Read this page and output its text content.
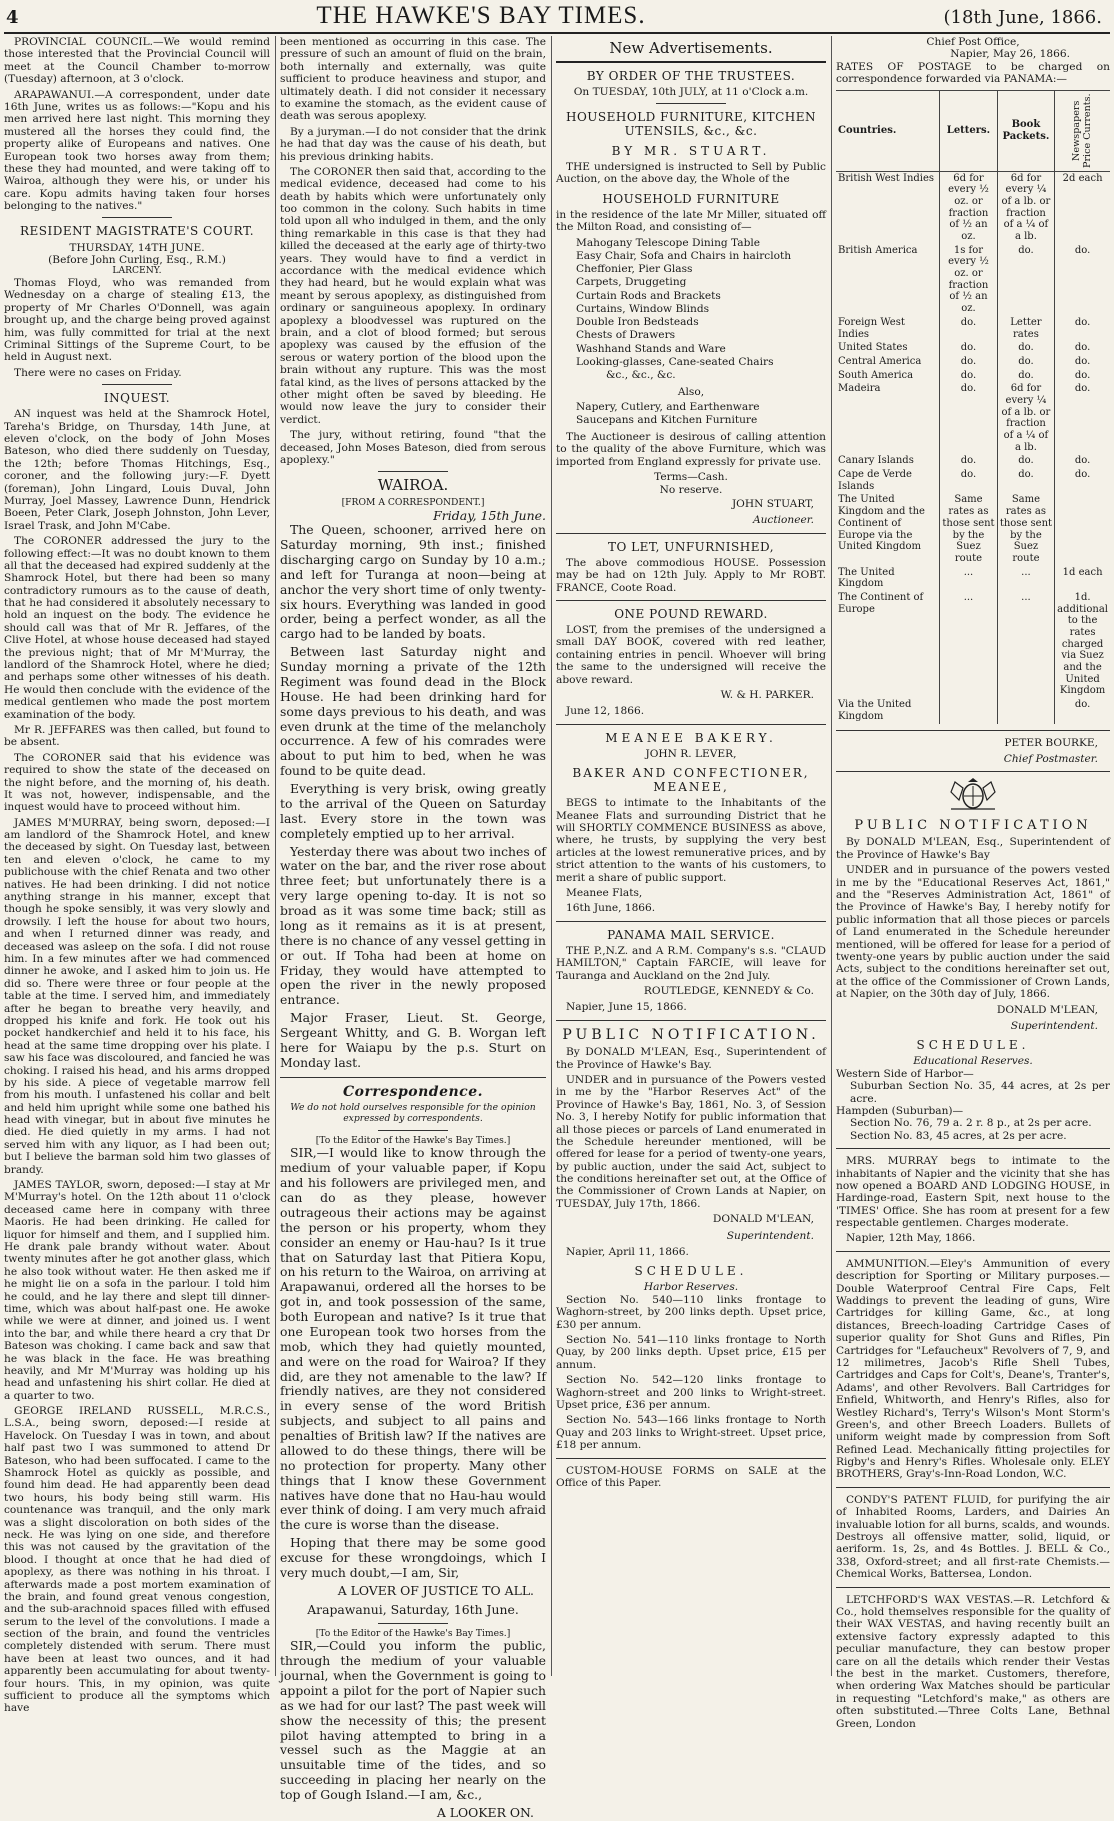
4	THE HAWKE'S BAY TIMES.	(18th June, 1866.

PROVINCIAL COUNCIL.—We would remind those interested that the Provincial Council will meet at the Council Chamber to-morrow (Tuesday) afternoon, at 3 o'clock.

ARAPAWANUI.—A correspondent, under date 16th June, writes us as follows:—"Kopu and his men arrived here last night. This morning they mustered all the horses they could find, the property alike of Europeans and natives. One European took two horses away from them; these they had mounted, and were taking off to Wairoa, although they were his, or under his care. Kopu admits having taken four horses belonging to the natives."

RESIDENT MAGISTRATE'S COURT.
THURSDAY, 14TH JUNE.
(Before John Curling, Esq., R.M.)
LARCENY.

Thomas Floyd, who was remanded from Wednesday on a charge of stealing £13, the property of Mr Charles O'Donnell, was again brought up, and the charge being proved against him, was fully committed for trial at the next Criminal Sittings of the Supreme Court, to be held in August next.

There were no cases on Friday.

INQUEST.

AN inquest was held at the Shamrock Hotel, Tareha's Bridge, on Thursday, 14th June, at eleven o'clock, on the body of John Moses Bateson, who died there suddenly on Tuesday, the 12th; before Thomas Hitchings, Esq., coroner, and the following jury:—F. Dyett (foreman), John Lingard, Louis Duval, John Murray, Joel Massey, Lawrence Dunn, Hendrick Boeen, Peter Clark, Joseph Johnston, John Lever, Israel Trask, and John M'Cabe.

The CORONER addressed the jury to the following effect:—It was no doubt known to them all that the deceased had expired suddenly at the Shamrock Hotel, but there had been so many contradictory rumours as to the cause of death, that he had considered it absolutely necessary to hold an inquest on the body. The evidence he should call was that of Mr R. Jeffares, of the Clive Hotel, at whose house deceased had stayed the previous night; that of Mr M'Murray, the landlord of the Shamrock Hotel, where he died; and perhaps some other witnesses of his death. He would then conclude with the evidence of the medical gentlemen who made the post mortem examination of the body.

Mr R. JEFFARES was then called, but found to be absent.

The CORONER said that his evidence was required to show the state of the deceased on the night before, and the morning of, his death. It was not, however, indispensable, and the inquest would have to proceed without him.

JAMES M'MURRAY, being sworn, deposed:—I am landlord of the Shamrock Hotel, and knew the deceased by sight. On Tuesday last, between ten and eleven o'clock, he came to my publichouse with the chief Renata and two other natives. He had been drinking. I did not notice anything strange in his manner, except that though he spoke sensibly, it was very slowly and drowsily. I left the house for about two hours, and when I returned dinner was ready, and deceased was asleep on the sofa. I did not rouse him. In a few minutes after we had commenced dinner he awoke, and I asked him to join us. He did so. There were three or four people at the table at the time. I served him, and immediately after he began to breathe very heavily, and dropped his knife and fork. He took out his pocket handkerchief and held it to his face, his head at the same time dropping over his plate. I saw his face was discoloured, and fancied he was choking. I raised his head, and his arms dropped by his side. A piece of vegetable marrow fell from his mouth. I unfastened his collar and belt and held him upright while some one bathed his head with vinegar, but in about five minutes he died. He died quietly in my arms. I had not served him with any liquor, as I had been out; but I believe the barman sold him two glasses of brandy.

JAMES TAYLOR, sworn, deposed:—I stay at Mr M'Murray's hotel. On the 12th about 11 o'clock deceased came here in company with three Maoris. He had been drinking. He called for liquor for himself and them, and I supplied him. He drank pale brandy without water. About twenty minutes after he got another glass, which he also took without water. He then asked me if he might lie on a sofa in the parlour. I told him he could, and he lay there and slept till dinner-time, which was about half-past one. He awoke while we were at dinner, and joined us. I went into the bar, and while there heard a cry that Dr Bateson was choking. I came back and saw that he was black in the face. He was breathing heavily, and Mr M'Murray was holding up his head and unfastening his shirt collar. He died at a quarter to two.

GEORGE IRELAND RUSSELL, M.R.C.S., L.S.A., being sworn, deposed:—I reside at Havelock. On Tuesday I was in town, and about half past two I was summoned to attend Dr Bateson, who had been suffocated. I came to the Shamrock Hotel as quickly as possible, and found him dead. He had apparently been dead two hours, his body being still warm. His countenance was tranquil, and the only mark was a slight discoloration on both sides of the neck. He was lying on one side, and therefore this was not caused by the gravitation of the blood. I thought at once that he had died of apoplexy, as there was nothing in his throat. I afterwards made a post mortem examination of the brain, and found great venous congestion, and the sub-arachnoid spaces filled with effused serum to the level of the convolutions. I made a section of the brain, and found the ventricles completely distended with serum. There must have been at least two ounces, and it had apparently been accumulating for about twenty-four hours. This, in my opinion, was quite sufficient to produce all the symptoms which have

been mentioned as occurring in this case. The pressure of such an amount of fluid on the brain, both internally and externally, was quite sufficient to produce heaviness and stupor, and ultimately death. I did not consider it necessary to examine the stomach, as the evident cause of death was serous apoplexy.

By a juryman.—I do not consider that the drink he had that day was the cause of his death, but his previous drinking habits.

The CORONER then said that, according to the medical evidence, deceased had come to his death by habits which were unfortunately only too common in the colony. Such habits in time told upon all who indulged in them, and the only thing remarkable in this case is that they had killed the deceased at the early age of thirty-two years. They would have to find a verdict in accordance with the medical evidence which they had heard, but he would explain what was meant by serous apoplexy, as distinguished from ordinary or sanguineous apoplexy. In ordinary apoplexy a bloodvessel was ruptured on the brain, and a clot of blood formed; but serous apoplexy was caused by the effusion of the serous or watery portion of the blood upon the brain without any rupture. This was the most fatal kind, as the lives of persons attacked by the other might often be saved by bleeding. He would now leave the jury to consider their verdict.

The jury, without retiring, found "that the deceased, John Moses Bateson, died from serous apoplexy."

WAIROA.
[FROM A CORRESPONDENT.]
Friday, 15th June.

The Queen, schooner, arrived here on Saturday morning, 9th inst.; finished discharging cargo on Sunday by 10 a.m.; and left for Turanga at noon—being at anchor the very short time of only twenty-six hours. Everything was landed in good order, being a perfect wonder, as all the cargo had to be landed by boats.

Between last Saturday night and Sunday morning a private of the 12th Regiment was found dead in the Block House. He had been drinking hard for some days previous to his death, and was even drunk at the time of the melancholy occurrence. A few of his comrades were about to put him to bed, when he was found to be quite dead.

Everything is very brisk, owing greatly to the arrival of the Queen on Saturday last. Every store in the town was completely emptied up to her arrival.

Yesterday there was about two inches of water on the bar, and the river rose about three feet; but unfortunately there is a very large opening to-day. It is not so broad as it was some time back; still as long as it remains as it is at present, there is no chance of any vessel getting in or out. If Toha had been at home on Friday, they would have attempted to open the river in the newly proposed entrance.

Major Fraser, Lieut. St. George, Sergeant Whitty, and G. B. Worgan left here for Waiapu by the p.s. Sturt on Monday last.

Correspondence.
We do not hold ourselves responsible for the opinion expressed by correspondents.
[To the Editor of the Hawke's Bay Times.]

SIR,—I would like to know through the medium of your valuable paper, if Kopu and his followers are privileged men, and can do as they please, however outrageous their actions may be against the person or his property, whom they consider an enemy or Hau-hau? Is it true that on Saturday last that Pitiera Kopu, on his return to the Wairoa, on arriving at Arapawanui, ordered all the horses to be got in, and took possession of the same, both European and native? Is it true that one European took two horses from the mob, which they had quietly mounted, and were on the road for Wairoa? If they did, are they not amenable to the law? If friendly natives, are they not considered in every sense of the word British subjects, and subject to all pains and penalties of British law? If the natives are allowed to do these things, there will be no protection for property. Many other things that I know these Government natives have done that no Hau-hau would ever think of doing. I am very much afraid the cure is worse than the disease.

Hoping that there may be some good excuse for these wrongdoings, which I very much doubt,—I am, Sir,

A LOVER OF JUSTICE TO ALL.
Arapawanui, Saturday, 16th June.
[To the Editor of the Hawke's Bay Times.]

SIR,—Could you inform the public, through the medium of your valuable journal, when the Government is going to appoint a pilot for the port of Napier such as we had for our last? The past week will show the necessity of this; the present pilot having attempted to bring in a vessel such as the Maggie at an unsuitable time of the tides, and so succeeding in placing her nearly on the top of Gough Island.—I am, &c.,

A LOOKER ON.
New Advertisements.
BY ORDER OF THE TRUSTEES.
On TUESDAY, 10th JULY, at 11 o'Clock a.m.
HOUSEHOLD FURNITURE, KITCHEN UTENSILS, &c., &c.
BY MR. STUART.

THE undersigned is instructed to Sell by Public Auction, on the above day, the Whole of the

HOUSEHOLD FURNITURE

in the residence of the late Mr Miller, situated off the Milton Road, and consisting of—

Mahogany Telescope Dining Table
Easy Chair, Sofa and Chairs in haircloth
Cheffonier, Pier Glass
Carpets, Druggeting
Curtain Rods and Brackets
Curtains, Window Blinds
Double Iron Bedsteads
Chests of Drawers
Washhand Stands and Ware
Looking-glasses, Cane-seated Chairs
&c., &c., &c.
Also,
Napery, Cutlery, and Earthenware
Saucepans and Kitchen Furniture

The Auctioneer is desirous of calling attention to the quality of the above Furniture, which was imported from England expressly for private use.

Terms—Cash.
No reserve.
JOHN STUART,
Auctioneer.
TO LET, UNFURNISHED,

The above commodious HOUSE. Possession may be had on 12th July. Apply to Mr ROBT. FRANCE, Coote Road.

ONE POUND REWARD.

LOST, from the premises of the undersigned a small DAY BOOK, covered with red leather, containing entries in pencil. Whoever will bring the same to the undersigned will receive the above reward.

W. & H. PARKER.

June 12, 1866.

MEANEE BAKERY.
JOHN R. LEVER,
BAKER AND CONFECTIONER, MEANEE,

BEGS to intimate to the Inhabitants of the Meanee Flats and surrounding District that he will SHORTLY COMMENCE BUSINESS as above, where, he trusts, by supplying the very best articles at the lowest remunerative prices, and by strict attention to the wants of his customers, to merit a share of public support.

Meanee Flats,

16th June, 1866.

PANAMA MAIL SERVICE.

THE P.,N.Z. and A R.M. Company's s.s. "CLAUD HAMILTON," Captain FARCIE, will leave for Tauranga and Auckland on the 2nd July.

ROUTLEDGE, KENNEDY & Co.

Napier, June 15, 1866.

PUBLIC NOTIFICATION.

By DONALD M'LEAN, Esq., Superintendent of the Province of Hawke's Bay.

UNDER and in pursuance of the Powers vested in me by the "Harbor Reserves Act" of the Province of Hawke's Bay, 1861, No. 3, of Session No. 3, I hereby Notify for public information that all those pieces or parcels of Land enumerated in the Schedule hereunder mentioned, will be offered for lease for a period of twenty-one years, by public auction, under the said Act, subject to the conditions hereinafter set out, at the Office of the Commissioner of Crown Lands at Napier, on TUESDAY, July 17th, 1866.

DONALD M'LEAN,
Superintendent.

Napier, April 11, 1866.

SCHEDULE.
Harbor Reserves.

Section No. 540—110 links frontage to Waghorn-street, by 200 links depth. Upset price, £30 per annum.

Section No. 541—110 links frontage to North Quay, by 200 links depth. Upset price, £15 per annum.

Section No. 542—120 links frontage to Waghorn-street and 200 links to Wright-street. Upset price, £36 per annum.

Section No. 543—166 links frontage to North Quay and 203 links to Wright-street. Upset price, £18 per annum.

CUSTOM-HOUSE FORMS on SALE at the Office of this Paper.

Chief Post Office,
Napier, May 26, 1866.

RATES OF POSTAGE to be charged on correspondence forwarded via PANAMA:—

Countries.	Letters.	Book Packets.	Newspapers Price Currents.

British West Indies	6d for every ½ oz. or fraction of ½ an oz.	6d for every ¼ of a lb. or fraction of a ¼ of a lb.	2d each
British America	1s for every ½ oz. or fraction of ½ an oz.	do.	do.
Foreign West Indies	do.	Letter rates	do.
United States	do.	do.	do.
Central America	do.	do.	do.
South America	do.	do.	do.
Madeira	do.	6d for every ¼ of a lb. or fraction of a ¼ of a lb.	do.
Canary Islands	do.	do.	do.
Cape de Verde Islands	do.	do.	do.
The United Kingdom and the Continent of Europe via the United Kingdom	Same rates as those sent by the Suez route	Same rates as those sent by the Suez route	
The United Kingdom	...	...	1d each
The Continent of Europe	...	...	1d. additional to the rates charged via Suez and the United Kingdom
Via the United Kingdom			do.
PETER BOURKE,
Chief Postmaster.
PUBLIC NOTIFICATION

By DONALD M'LEAN, Esq., Superintendent of the Province of Hawke's Bay

UNDER and in pursuance of the powers vested in me by the "Educational Reserves Act, 1861," and the "Reserves Administration Act, 1861" of the Province of Hawke's Bay, I hereby notify for public information that all those pieces or parcels of Land enumerated in the Schedule hereunder mentioned, will be offered for lease for a period of twenty-one years by public auction under the said Acts, subject to the conditions hereinafter set out, at the office of the Commissioner of Crown Lands, at Napier, on the 30th day of July, 1866.

DONALD M'LEAN,
Superintendent.
SCHEDULE.
Educational Reserves.
Western Side of Harbor—
Suburban Section No. 35, 44 acres, at 2s per acre.
Hampden (Suburban)—
Section No. 76, 79 a. 2 r. 8 p., at 2s per acre.
Section No. 83, 45 acres, at 2s per acre.

MRS. MURRAY begs to intimate to the inhabitants of Napier and the vicinity that she has now opened a BOARD AND LODGING HOUSE, in Hardinge-road, Eastern Spit, next house to the 'TIMES' Office. She has room at present for a few respectable gentlemen. Charges moderate.

Napier, 12th May, 1866.

AMMUNITION.—Eley's Ammunition of every description for Sporting or Military purposes.—Double Waterproof Central Fire Caps, Felt Waddings to prevent the leading of guns, Wire Cartridges for killing Game, &c., at long distances, Breech-loading Cartridge Cases of superior quality for Shot Guns and Rifles, Pin Cartridges for "Lefaucheux" Revolvers of 7, 9, and 12 milimetres, Jacob's Rifle Shell Tubes, Cartridges and Caps for Colt's, Deane's, Tranter's, Adams', and other Revolvers. Ball Cartridges for Enfield, Whitworth, and Henry's Rifles, also for Westley Richard's, Terry's Wilson's Mont Storm's Green's, and other Breech Loaders. Bullets of uniform weight made by compression from Soft Refined Lead. Mechanically fitting projectiles for Rigby's and Henry's Rifles. Wholesale only. ELEY BROTHERS, Gray's-Inn-Road London, W.C.

CONDY'S PATENT FLUID, for purifying the air of Inhabited Rooms, Larders, and Dairies An invaluable lotion for all burns, scalds, and wounds. Destroys all offensive matter, solid, liquid, or aeriform. 1s, 2s, and 4s Bottles. J. BELL & Co., 338, Oxford-street; and all first-rate Chemists.—Chemical Works, Battersea, London.

LETCHFORD'S WAX VESTAS.—R. Letchford & Co., hold themselves responsible for the quality of their WAX VESTAS, and having recently built an extensive factory expressly adapted to this peculiar manufacture, they can bestow proper care on all the details which render their Vestas the best in the market. Customers, therefore, when ordering Wax Matches should be particular in requesting "Letchford's make," as others are often substituted.—Three Colts Lane, Bethnal Green, London
